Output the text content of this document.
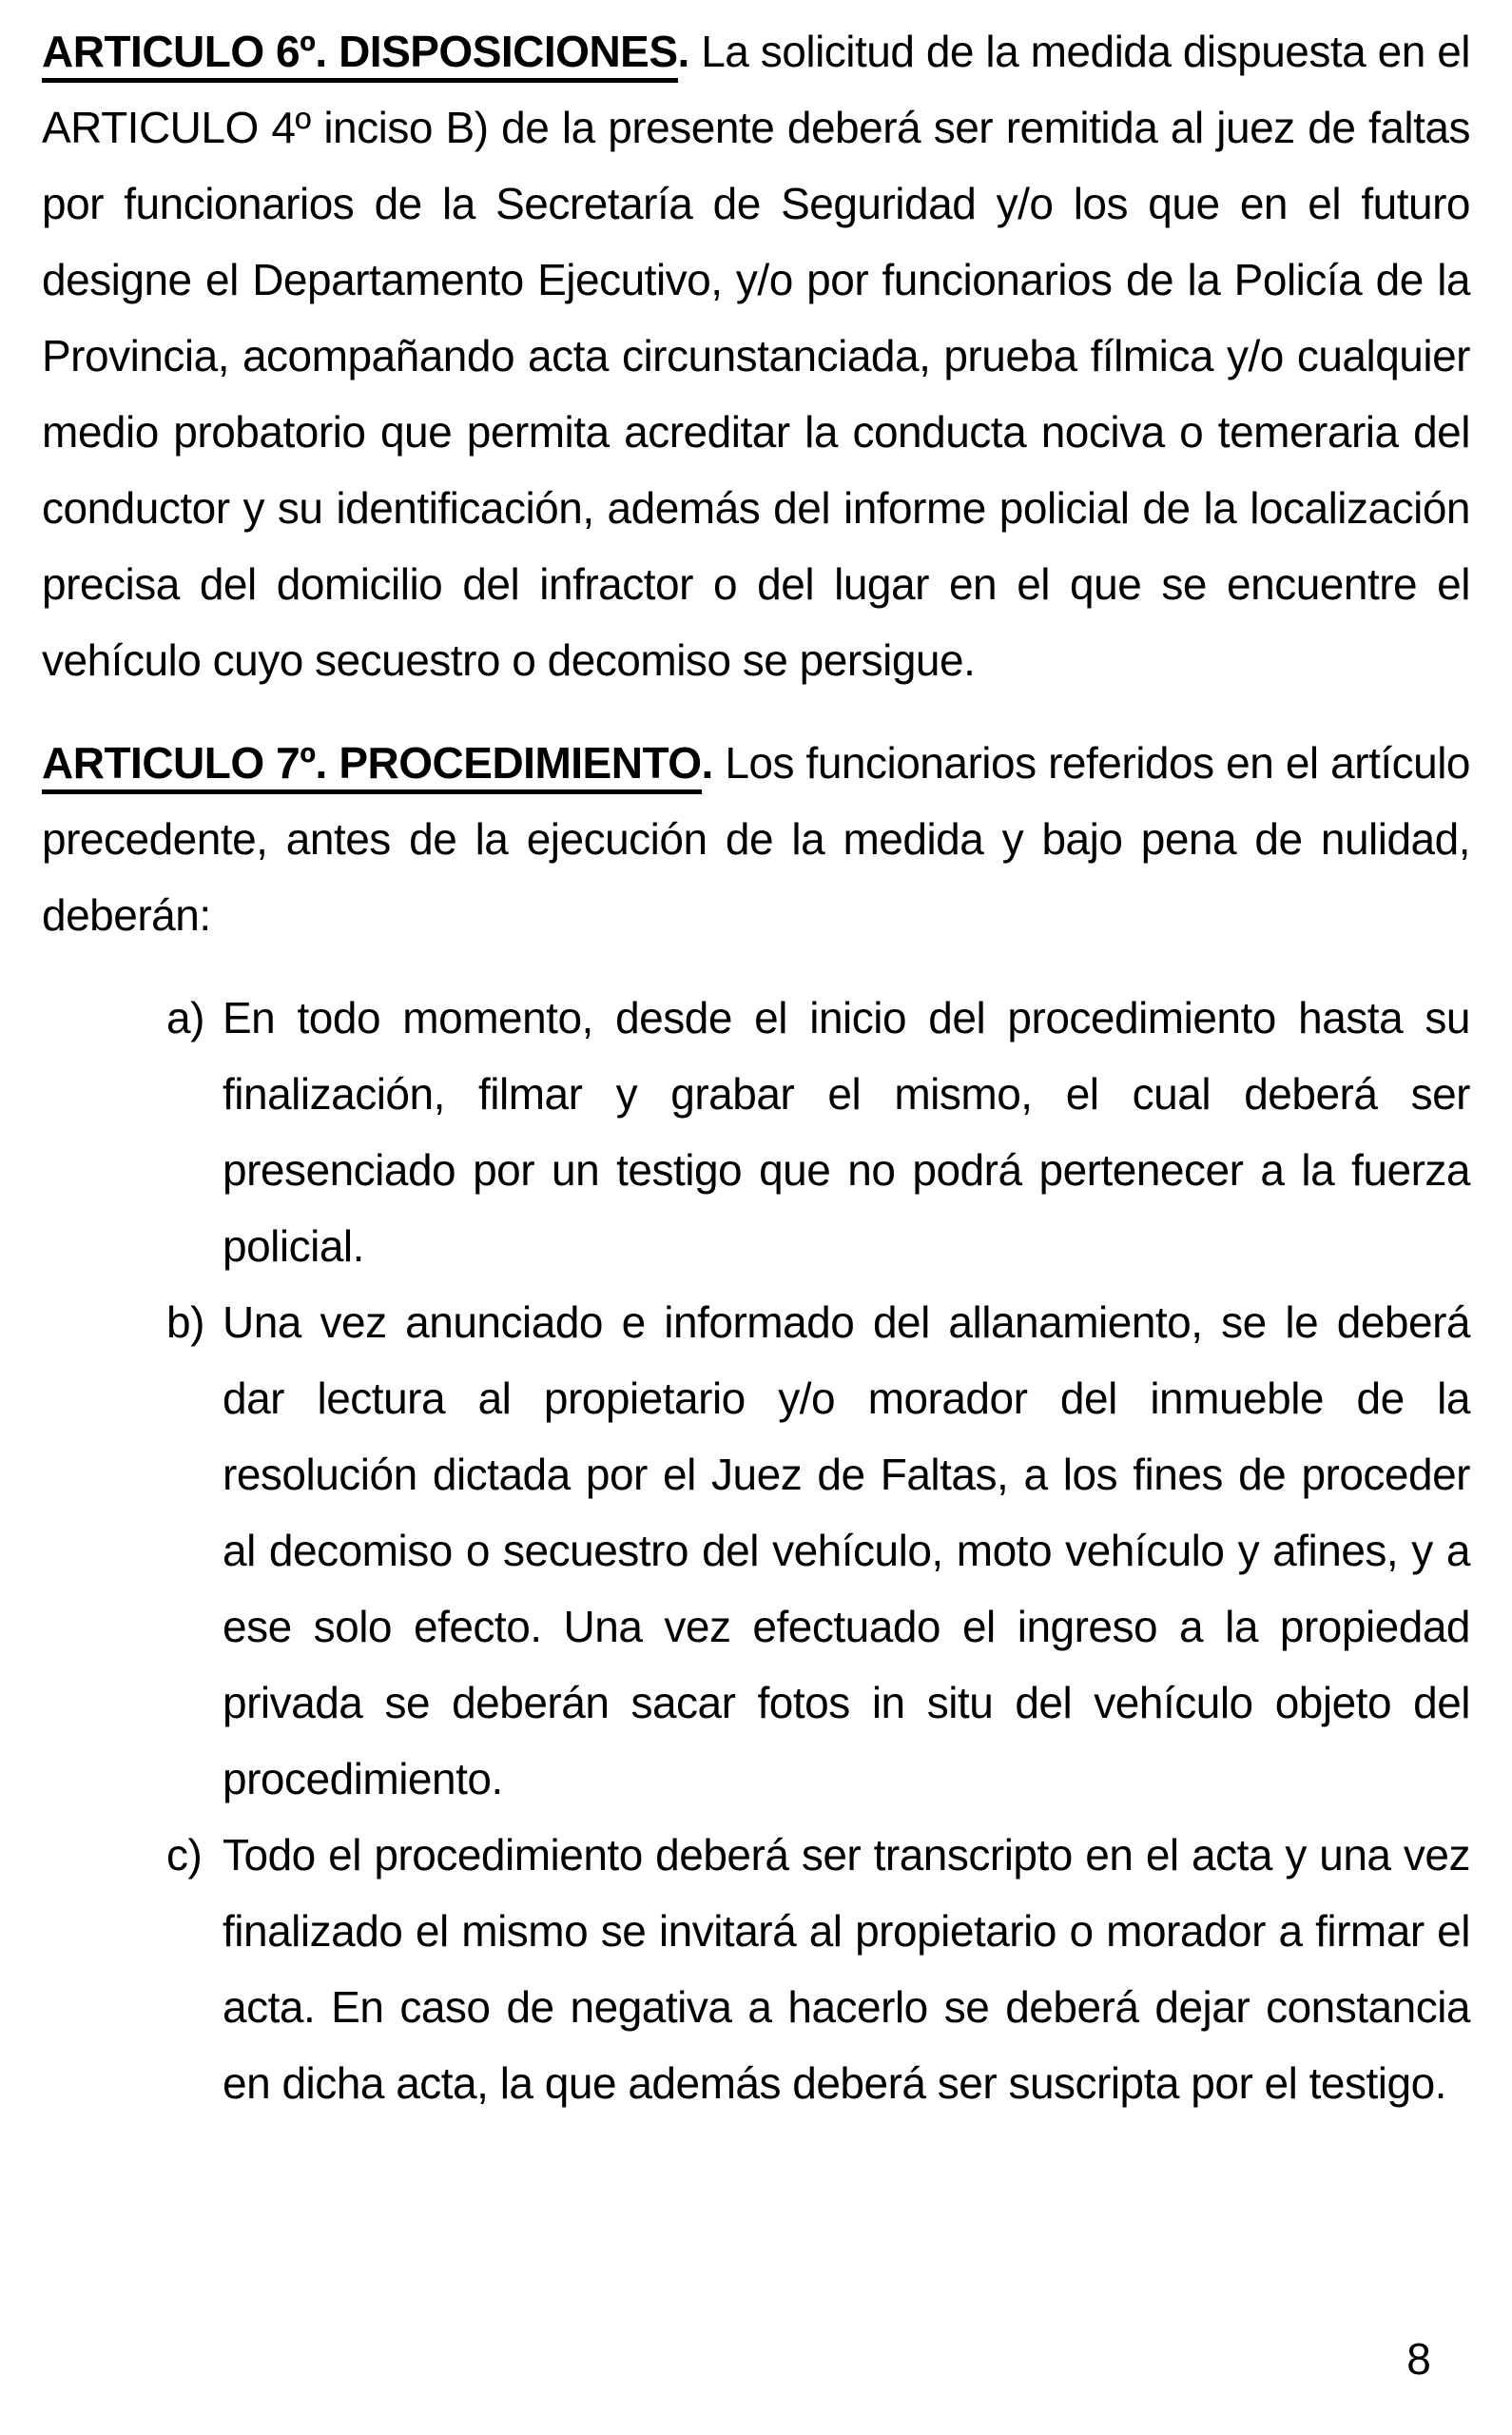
ARTICULO 6º. DISPOSICIONES. La solicitud de la medida dispuesta en el ARTICULO 4º inciso B) de la presente deberá ser remitida al juez de faltas por funcionarios de la Secretaría de Seguridad y/o los que en el futuro designe el Departamento Ejecutivo, y/o por funcionarios de la Policía de la Provincia, acompañando acta circunstanciada, prueba fílmica y/o cualquier medio probatorio que permita acreditar la conducta nociva o temeraria del conductor y su identificación, además del informe policial de la localización precisa del domicilio del infractor o del lugar en el que se encuentre el vehículo cuyo secuestro o decomiso se persigue.

ARTICULO 7º. PROCEDIMIENTO. Los funcionarios referidos en el artículo precedente, antes de la ejecución de la medida y bajo pena de nulidad, deberán:

a) En todo momento, desde el inicio del procedimiento hasta su finalización, filmar y grabar el mismo, el cual deberá ser presenciado por un testigo que no podrá pertenecer a la fuerza policial.
b) Una vez anunciado e informado del allanamiento, se le deberá dar lectura al propietario y/o morador del inmueble de la resolución dictada por el Juez de Faltas, a los fines de proceder al decomiso o secuestro del vehículo, moto vehículo y afines, y a ese solo efecto. Una vez efectuado el ingreso a la propiedad privada se deberán sacar fotos in situ del vehículo objeto del procedimiento.
c) Todo el procedimiento deberá ser transcripto en el acta y una vez finalizado el mismo se invitará al propietario o morador a firmar el acta. En caso de negativa a hacerlo se deberá dejar constancia en dicha acta, la que además deberá ser suscripta por el testigo.
8
